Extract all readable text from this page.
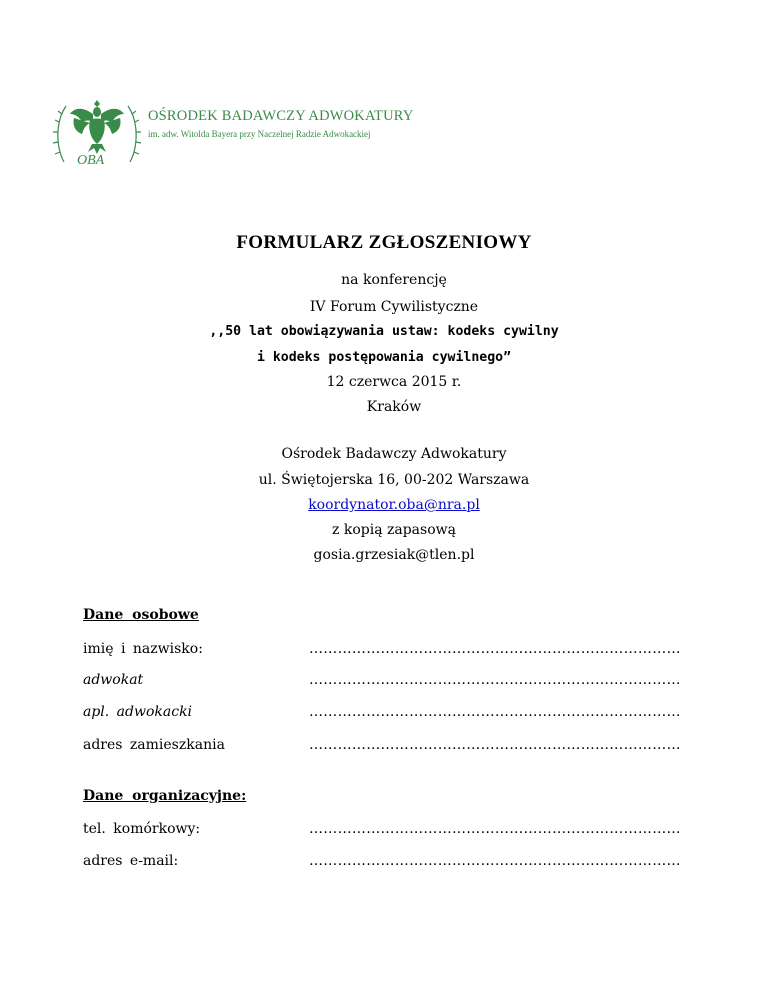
OBA
OŚRODEK BADAWCZY ADWOKATURY
im. adw. Witolda Bayera przy Naczelnej Radzie Adwokackiej
FORMULARZ ZGŁOSZENIOWY
na konferencję
IV Forum Cywilistyczne
,,50 lat obowiązywania ustaw: kodeks cywilny
i kodeks postępowania cywilnego”
12 czerwca 2015 r.
Kraków
Ośrodek Badawczy Adwokatury
ul. Świętojerska 16, 00-202 Warszawa
koordynator.oba@nra.pl
z kopią zapasową
gosia.grzesiak@tlen.pl
Dane osobowe
imię i nazwisko:	……………………………………………………………………
adwokat	……………………………………………………………………
apl. adwokacki	……………………………………………………………………
adres zamieszkania	……………………………………………………………………
Dane organizacyjne:
tel. komórkowy:	……………………………………………………………………
adres e-mail:	……………………………………………………………………
